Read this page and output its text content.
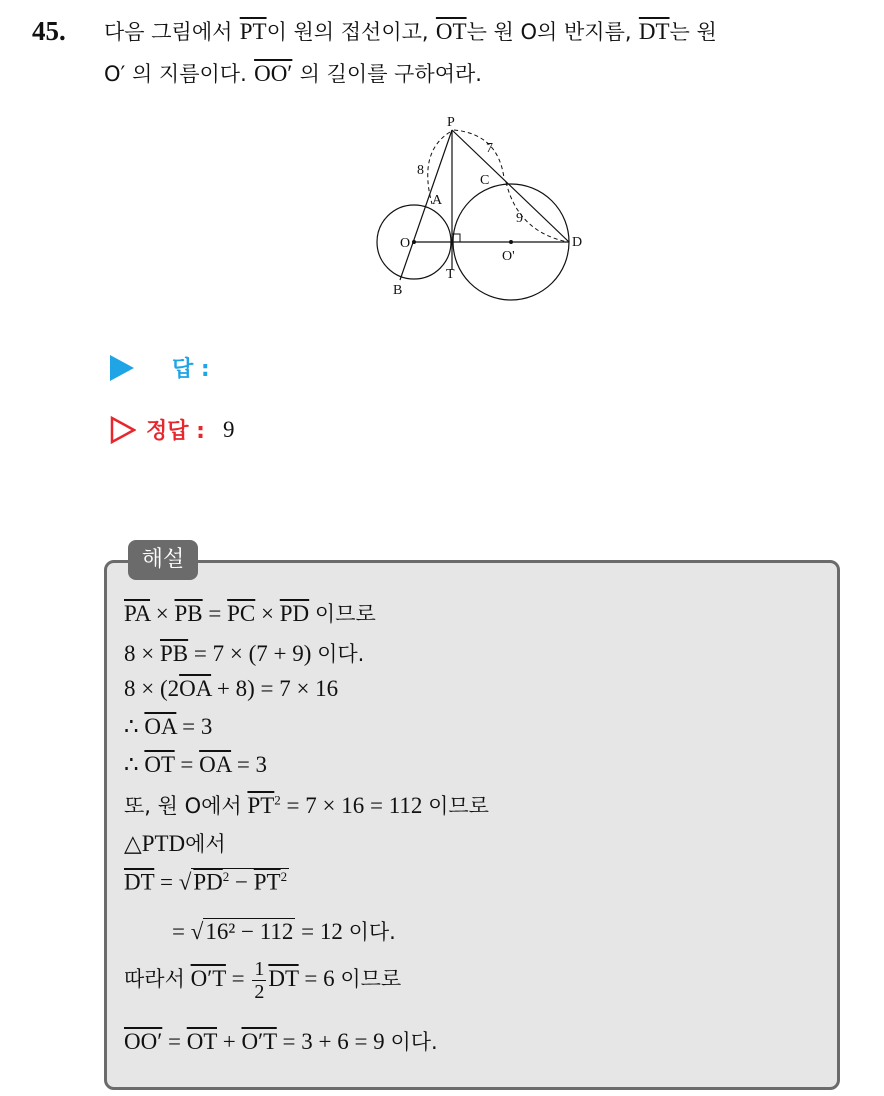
45. 다음 그림에서 $\overline{PT}$이 원의 접선이고, $\overline{OT}$는 원 O의 반지름, $\overline{DT}$는 원
O′ 의 지름이다. OO′ 의 길이를 구하여라.
P
A
C
O
T
O'
D
B
8
7
9
답 :
정답 : 9
해설
$\overline{PA} \times \overline{PB} = \overline{PC} \times \overline{PD}$ 이므로
$8 \times \overline{PB} = 7 \times (7 + 9)$ 이다.
$8 \times (2\overline{OA} + 8) = 7 \times 16$
∴ $\overline{OA} = 3$
∴ $\overline{OT} = \overline{OA} = 3$
또, 원 O에서 $\overline{PT}^2 = 7 \times 16 = 112$ 이므로
△PTD에서
$\overline{DT} = √PD^2 - \overline{PT}^2$
= √16² − 112 = 12 이다.
따라서 $O'T = \frac{1}{2} \overline{DT} = 6$ 이므로
$OO' = \overline{OT} + O'T = 3 + 6 = 9$ 이다.
